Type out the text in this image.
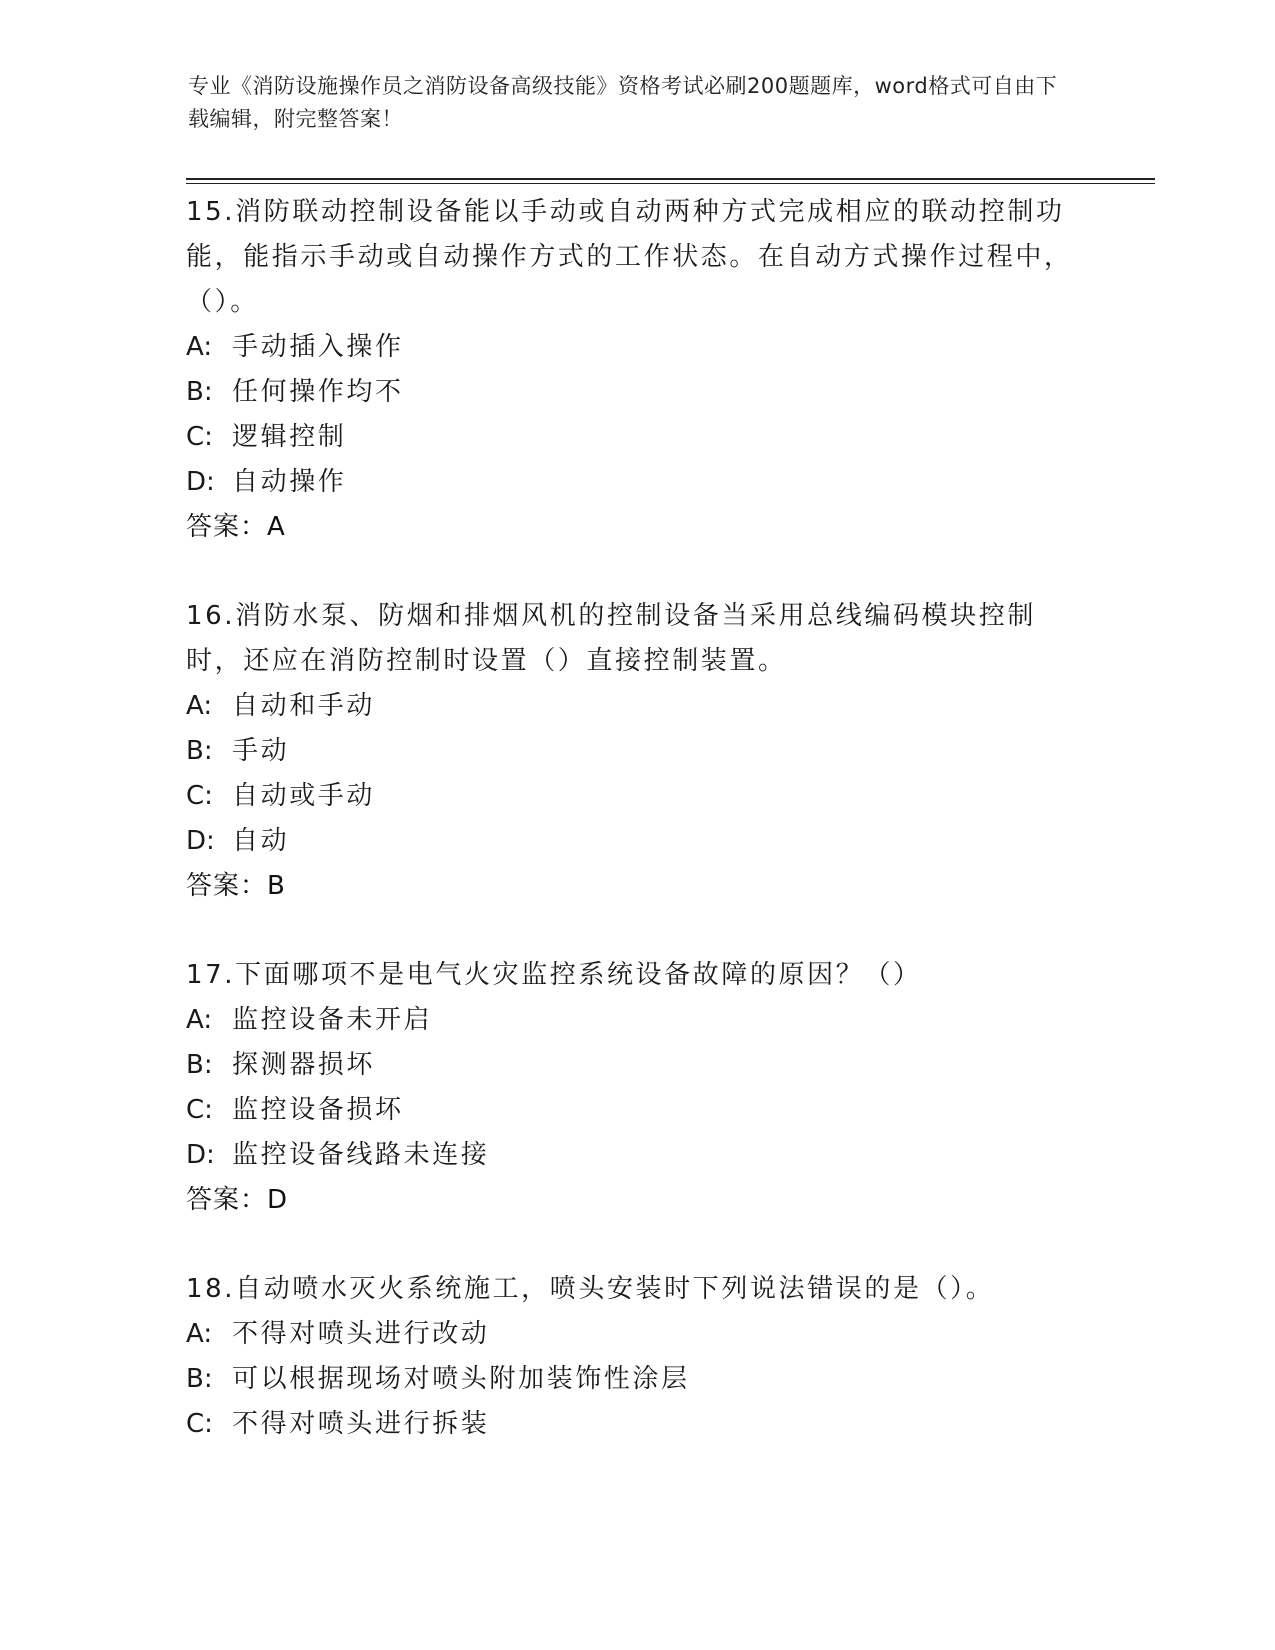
专业《消防设施操作员之消防设备高级技能》资格考试必刷200题题库，word格式可自由下载编辑，附完整答案！

15.消防联动控制设备能以手动或自动两种方式完成相应的联动控制功能，能指示手动或自动操作方式的工作状态。在自动方式操作过程中，（）。

A: 手动插入操作

B: 任何操作均不

C: 逻辑控制

D: 自动操作

答案：A

16.消防水泵、防烟和排烟风机的控制设备当采用总线编码模块控制时，还应在消防控制时设置（）直接控制装置。

A: 自动和手动

B: 手动

C: 自动或手动

D: 自动

答案：B

17.下面哪项不是电气火灾监控系统设备故障的原因？（）

A: 监控设备未开启

B: 探测器损坏

C: 监控设备损坏

D: 监控设备线路未连接

答案：D

18.自动喷水灭火系统施工，喷头安装时下列说法错误的是（）。

A: 不得对喷头进行改动

B: 可以根据现场对喷头附加装饰性涂层

C: 不得对喷头进行拆装
